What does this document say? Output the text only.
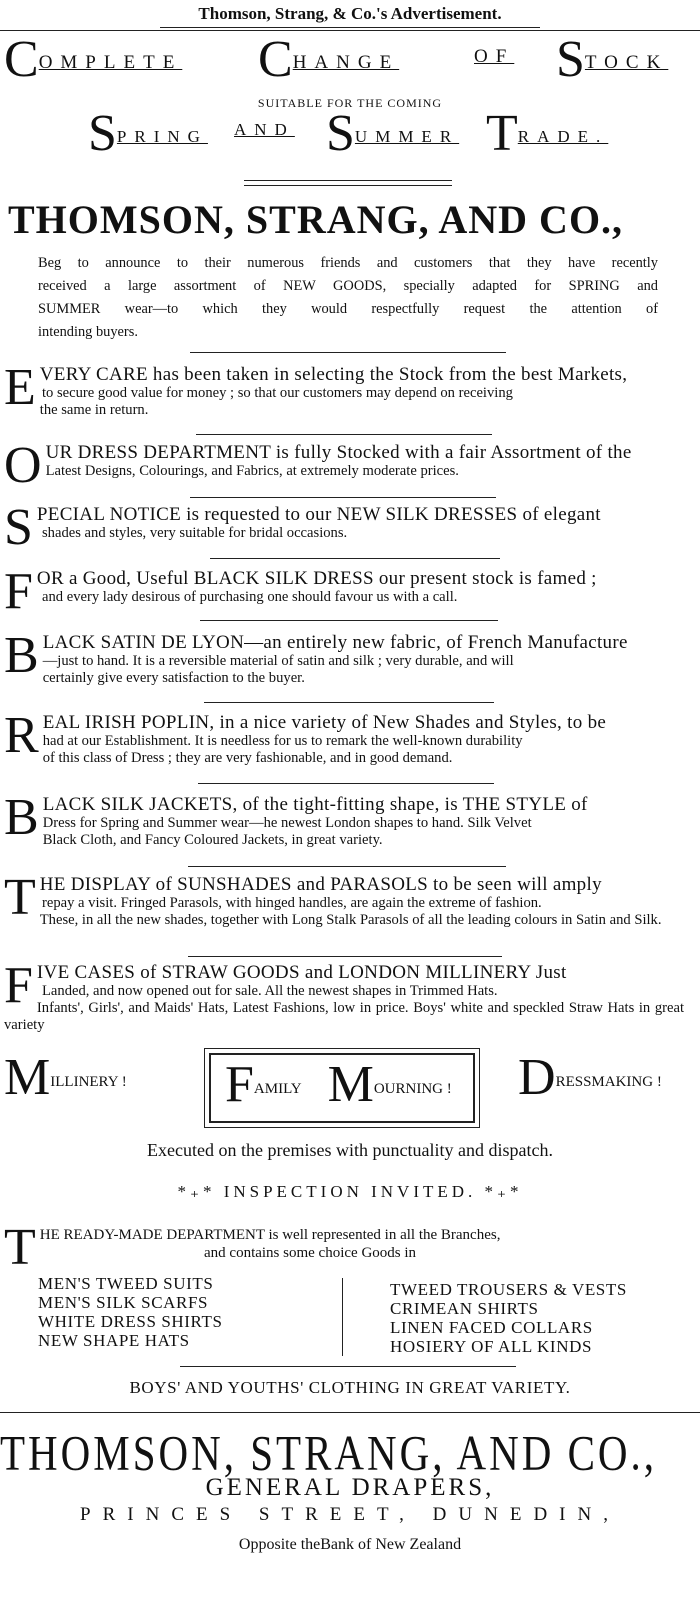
Thomson, Strang, & Co.'s Advertisement.
COMPLETE CHANGE	OF STOCK
SUITABLE FOR THE COMING
SPRING AND SUMMER TRADE.
THOMSON, STRANG, AND CO.,
Beg to announce to their numerous friends and customers that they have recently
received a large assortment of NEW GOODS, specially adapted for SPRING and
SUMMER wear—to which they would respectfully request the attention of
intending buyers.
EVERY CARE has been taken in selecting the Stock from the best Markets,
to secure good value for money ; so that our customers may depend on receiving
the same in return.
OUR DRESS DEPARTMENT is fully Stocked with a fair Assortment of the
Latest Designs, Colourings, and Fabrics, at extremely moderate prices.
SPECIAL NOTICE is requested to our NEW SILK DRESSES of elegant
shades and styles, very suitable for bridal occasions.
FOR a Good, Useful BLACK SILK DRESS our present stock is famed ;
and every lady desirous of purchasing one should favour us with a call.
BLACK SATIN DE LYON—an entirely new fabric, of French Manufacture
—just to hand. It is a reversible material of satin and silk ; very durable, and will
certainly give every satisfaction to the buyer.
REAL IRISH POPLIN, in a nice variety of New Shades and Styles, to be
had at our Establishment. It is needless for us to remark the well-known durability
of this class of Dress ; they are very fashionable, and in good demand.
BLACK SILK JACKETS, of the tight-fitting shape, is THE STYLE of
Dress for Spring and Summer wear—he newest London shapes to hand. Silk Velvet
Black Cloth, and Fancy Coloured Jackets, in great variety.
THE DISPLAY of SUNSHADES and PARASOLS to be seen will amply
repay a visit. Fringed Parasols, with hinged handles, are again the extreme of fashion.
These, in all the new shades, together with Long Stalk Parasols of all the leading colours in Satin and Silk.
FIVE CASES of STRAW GOODS and LONDON MILLINERY Just
Landed, and now opened out for sale. All the newest shapes in Trimmed Hats.
Infants', Girls', and Maids' Hats, Latest Fashions, low in price. Boys' white and speckled Straw Hats in great variety
MILLINERY ! FAMILY MOURNING ! DRESSMAKING !
Executed on the premises with punctuality and dispatch.
*₊* INSPECTION INVITED. *₊*
THE READY-MADE DEPARTMENT is well represented in all the Branches,
and contains some choice Goods in
MEN'S TWEED SUITS
MEN'S SILK SCARFS
WHITE DRESS SHIRTS
NEW SHAPE HATS
TWEED TROUSERS & VESTS
CRIMEAN SHIRTS
LINEN FACED COLLARS
HOSIERY OF ALL KINDS
BOYS' AND YOUTHS' CLOTHING IN GREAT VARIETY.
THOMSON, STRANG, AND CO.,
GENERAL DRAPERS,
PRINCES STREET, DUNEDIN,
Opposite theBank of New Zealand
